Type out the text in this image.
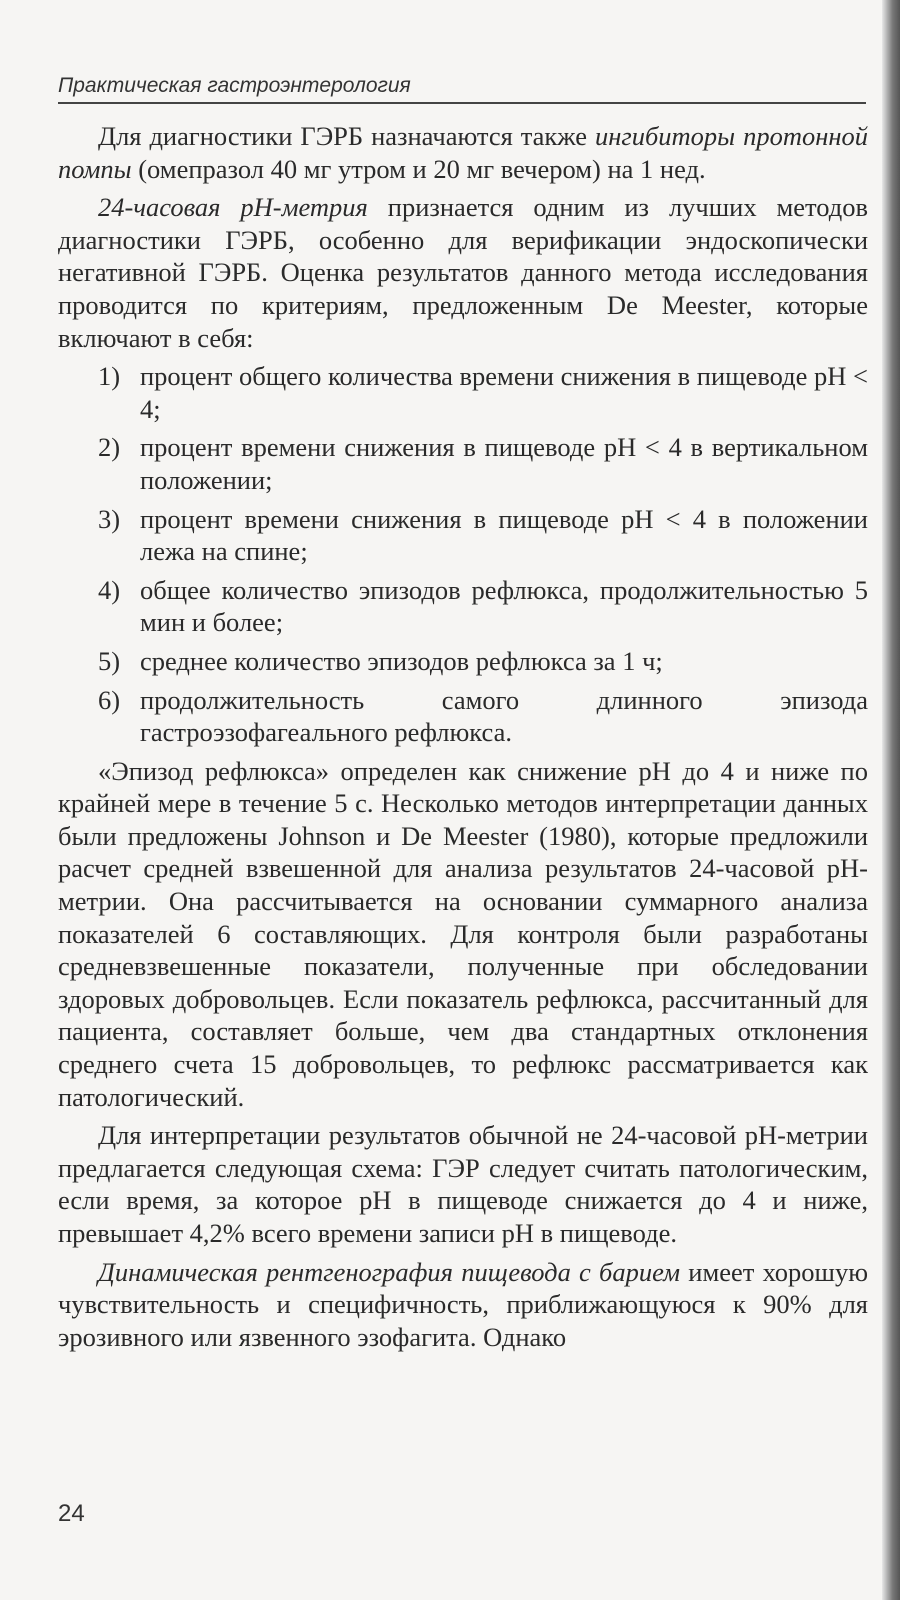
Практическая гастроэнтерология

Для диагностики ГЭРБ назначаются также ингибиторы протонной помпы (омепразол 40 мг утром и 20 мг вечером) на 1 нед.

24-часовая рН-метрия признается одним из лучших методов диагностики ГЭРБ, особенно для верификации эндоскопически негативной ГЭРБ. Оценка результатов данного метода исследования проводится по критериям, предложенным De Meester, которые включают в себя:

1) процент общего количества времени снижения в пищеводе рН < 4;
2) процент времени снижения в пищеводе рН < 4 в вертикальном положении;
3) процент времени снижения в пищеводе рН < 4 в положении лежа на спине;
4) общее количество эпизодов рефлюкса, продолжительностью 5 мин и более;
5) среднее количество эпизодов рефлюкса за 1 ч;
6) продолжительность самого длинного эпизода гастроэзофагеального рефлюкса.

«Эпизод рефлюкса» определен как снижение рН до 4 и ниже по крайней мере в течение 5 с. Несколько методов интерпретации данных были предложены Johnson и De Meester (1980), которые предложили расчет средней взвешенной для анализа результатов 24-часовой рН-метрии. Она рассчитывается на основании суммарного анализа показателей 6 составляющих. Для контроля были разработаны средневзвешенные показатели, полученные при обследовании здоровых добровольцев. Если показатель рефлюкса, рассчитанный для пациента, составляет больше, чем два стандартных отклонения среднего счета 15 добровольцев, то рефлюкс рассматривается как патологический.

Для интерпретации результатов обычной не 24-часовой рН-метрии предлагается следующая схема: ГЭР следует считать патологическим, если время, за которое рН в пищеводе снижается до 4 и ниже, превышает 4,2% всего времени записи рН в пищеводе.

Динамическая рентгенография пищевода с барием имеет хорошую чувствительность и специфичность, приближающуюся к 90% для эрозивного или язвенного эзофагита. Однако

24
